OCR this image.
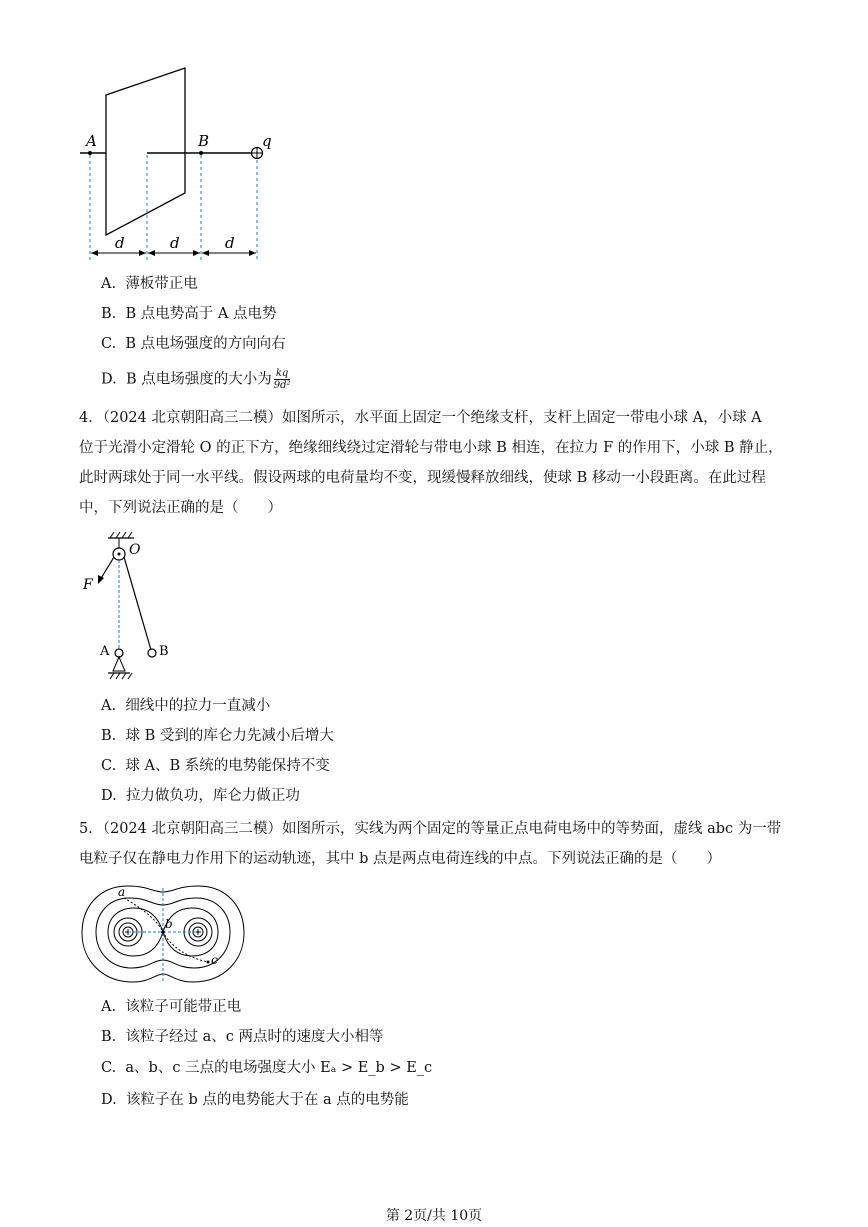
A	B	q
d	d	d
A. 薄板带正电
B. B 点电势高于 A 点电势
C. B 点电场强度的方向向右
D. B 点电场强度的大小为 $\frac{kq}{\text{9d²}}$
4．（2024 北京朝阳高三二模）如图所示，水平面上固定一个绝缘支杆，支杆上固定一带电小球 A，小球 A
位于光滑小定滑轮 O 的正下方，绝缘细线绕过定滑轮与带电小球 B 相连，在拉力 F 的作用下，小球 B 静止，
此时两球处于同一水平线。假设两球的电荷量均不变，现缓慢释放细线，使球 B 移动一小段距离。在此过程
中，下列说法正确的是（　　）
O
F
A	B
A. 细线中的拉力一直减小
B. 球 B 受到的库仑力先减小后增大
C. 球 A、B 系统的电势能保持不变
D. 拉力做负功，库仑力做正功
5．（2024 北京朝阳高三二模）如图所示，实线为两个固定的等量正点电荷电场中的等势面，虚线 abc 为一带
电粒子仅在静电力作用下的运动轨迹，其中 b 点是两点电荷连线的中点。下列说法正确的是（　　）
a
b
c
A. 该粒子可能带正电
B. 该粒子经过 a、c 两点时的速度大小相等
C. a、b、c 三点的电场强度大小 Eₐ > E_b > E_c
D. 该粒子在 b 点的电势能大于在 a 点的电势能
第 2页/共 10页
